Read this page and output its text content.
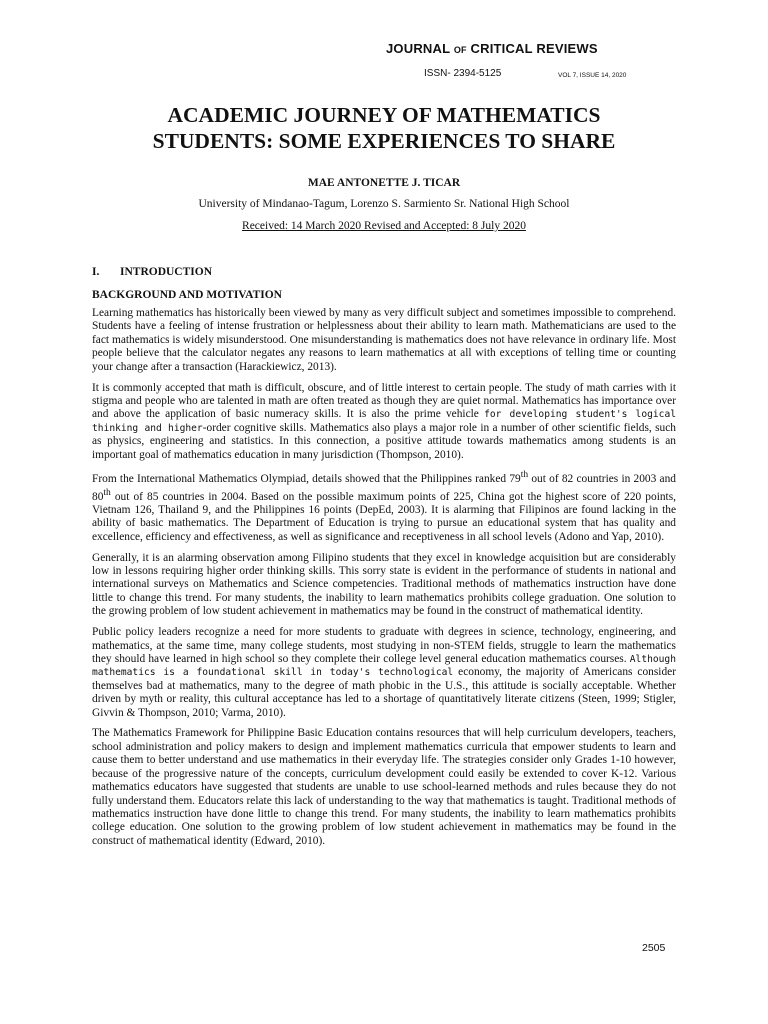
JOURNAL OF CRITICAL REVIEWS
ISSN- 2394-5125	VOL 7, ISSUE 14, 2020
ACADEMIC JOURNEY OF MATHEMATICS
STUDENTS: SOME EXPERIENCES TO SHARE
MAE ANTONETTE J. TICAR
University of Mindanao-Tagum, Lorenzo S. Sarmiento Sr. National High School
Received: 14 March 2020 Revised and Accepted: 8 July 2020
I. INTRODUCTION
BACKGROUND AND MOTIVATION

Learning mathematics has historically been viewed by many as very difficult subject and sometimes impossible to comprehend. Students have a feeling of intense frustration or helplessness about their ability to learn math. Mathematicians are used to the fact mathematics is widely misunderstood. One misunderstanding is mathematics does not have relevance in ordinary life. Most people believe that the calculator negates any reasons to learn mathematics at all with exceptions of telling time or counting your change after a transaction (Harackiewicz, 2013).

It is commonly accepted that math is difficult, obscure, and of little interest to certain people. The study of math carries with it stigma and people who are talented in math are often treated as though they are quiet normal. Mathematics has importance over and above the application of basic numeracy skills. It is also the prime vehicle for developing student's logical thinking and higher-order cognitive skills. Mathematics also plays a major role in a number of other scientific fields, such as physics, engineering and statistics. In this connection, a positive attitude towards mathematics among students is an important goal of mathematics education in many jurisdiction (Thompson, 2010).

From the International Mathematics Olympiad, details showed that the Philippines ranked 79th out of 82 countries in 2003 and 80th out of 85 countries in 2004. Based on the possible maximum points of 225, China got the highest score of 220 points, Vietnam 126, Thailand 9, and the Philippines 16 points (DepEd, 2003). It is alarming that Filipinos are found lacking in the ability of basic mathematics. The Department of Education is trying to pursue an educational system that has quality and excellence, efficiency and effectiveness, as well as significance and receptiveness in all school levels (Adono and Yap, 2010).

Generally, it is an alarming observation among Filipino students that they excel in knowledge acquisition but are considerably low in lessons requiring higher order thinking skills. This sorry state is evident in the performance of students in national and international surveys on Mathematics and Science competencies. Traditional methods of mathematics instruction have done little to change this trend. For many students, the inability to learn mathematics prohibits college graduation. One solution to the growing problem of low student achievement in mathematics may be found in the construct of mathematical identity.

Public policy leaders recognize a need for more students to graduate with degrees in science, technology, engineering, and mathematics, at the same time, many college students, most studying in non-STEM fields, struggle to learn the mathematics they should have learned in high school so they complete their college level general education mathematics courses. Although mathematics is a foundational skill in today's technological economy, the majority of Americans consider themselves bad at mathematics, many to the degree of math phobic in the U.S., this attitude is socially acceptable. Whether driven by myth or reality, this cultural acceptance has led to a shortage of quantitatively literate citizens (Steen, 1999; Stigler, Givvin & Thompson, 2010; Varma, 2010).

The Mathematics Framework for Philippine Basic Education contains resources that will help curriculum developers, teachers, school administration and policy makers to design and implement mathematics curricula that empower students to learn and cause them to better understand and use mathematics in their everyday life. The strategies consider only Grades 1-10 however, because of the progressive nature of the concepts, curriculum development could easily be extended to cover K-12. Various mathematics educators have suggested that students are unable to use school-learned methods and rules because they do not fully understand them. Educators relate this lack of understanding to the way that mathematics is taught. Traditional methods of mathematics instruction have done little to change this trend. For many students, the inability to learn mathematics prohibits college education. One solution to the growing problem of low student achievement in mathematics may be found in the construct of mathematical identity (Edward, 2010).

2505
